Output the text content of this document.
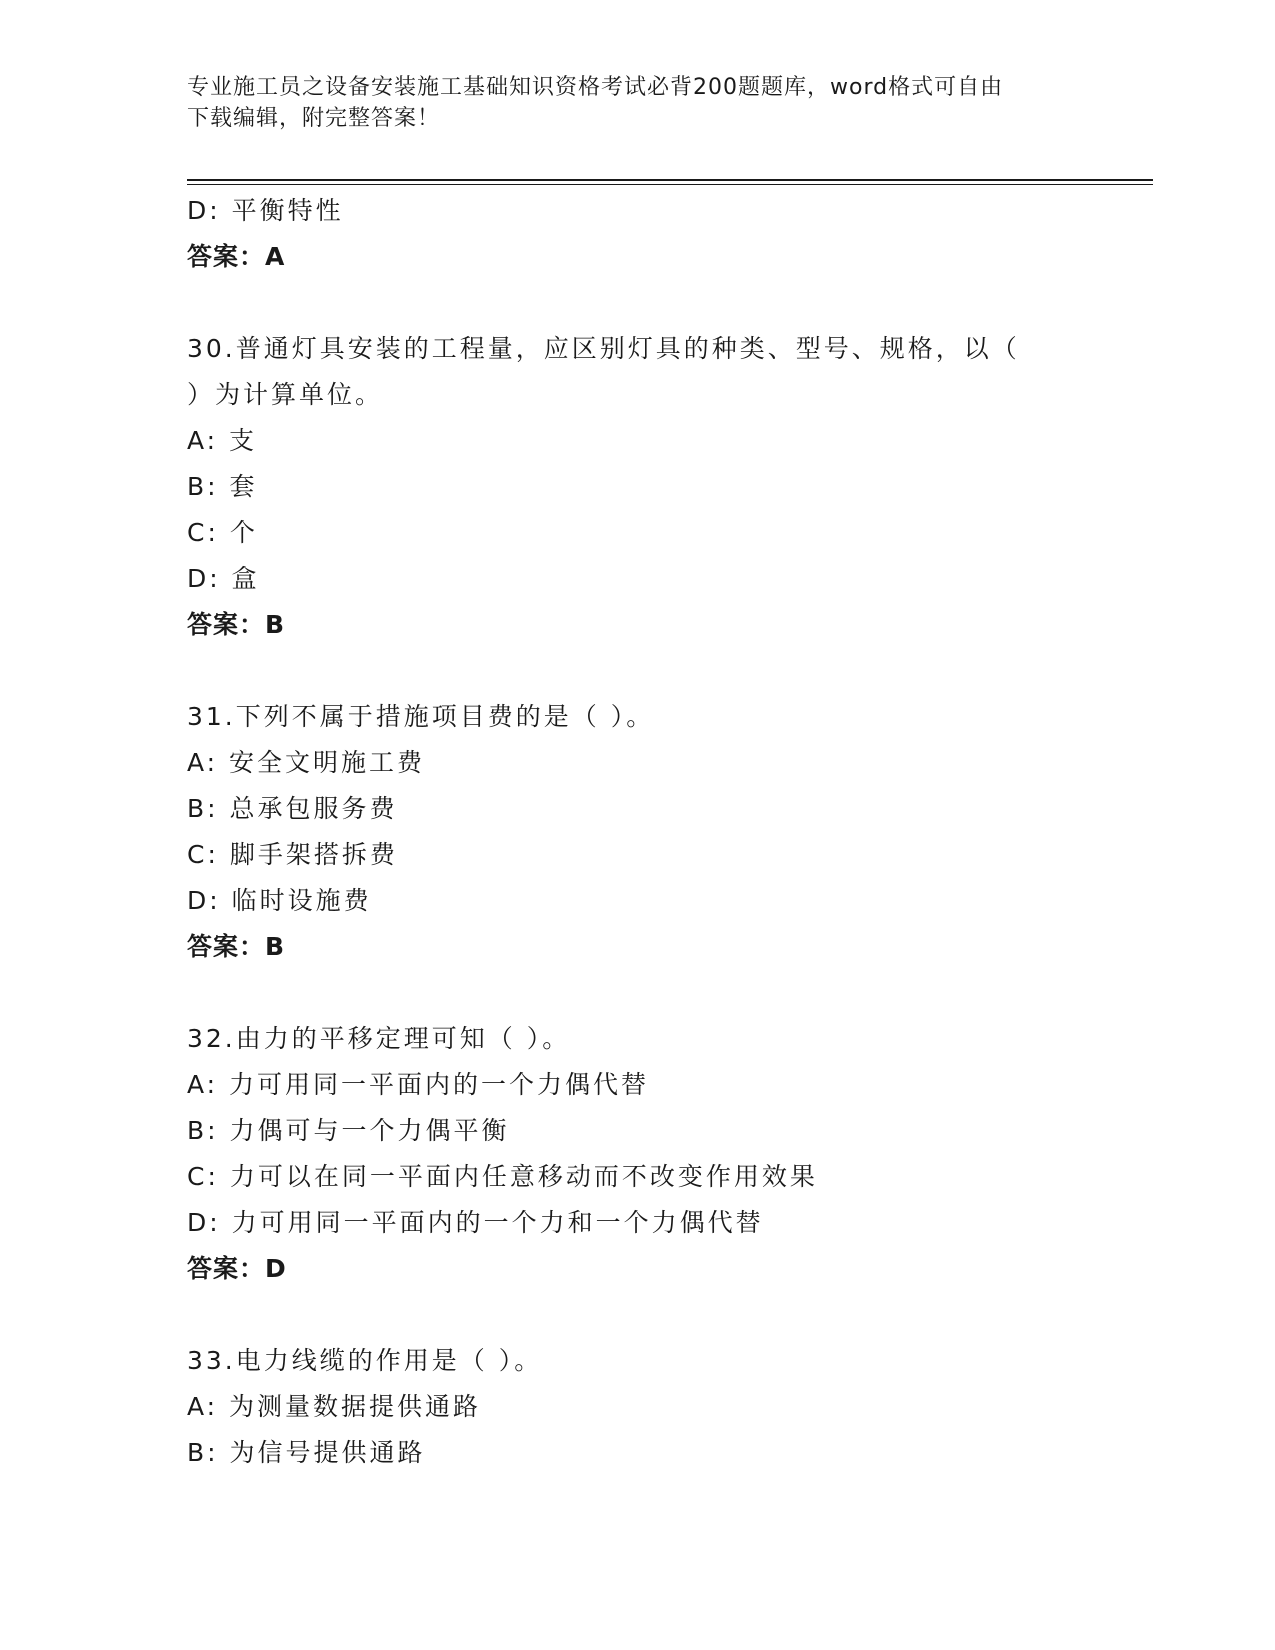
专业施工员之设备安装施工基础知识资格考试必背200题题库，word格式可自由
下载编辑，附完整答案！
D: 平衡特性
答案：A
30.普通灯具安装的工程量，应区别灯具的种类、型号、规格，以（
）为计算单位。
A: 支
B: 套
C: 个
D: 盒
答案：B
31.下列不属于措施项目费的是（ ）。
A: 安全文明施工费
B: 总承包服务费
C: 脚手架搭拆费
D: 临时设施费
答案：B
32.由力的平移定理可知（ ）。
A: 力可用同一平面内的一个力偶代替
B: 力偶可与一个力偶平衡
C: 力可以在同一平面内任意移动而不改变作用效果
D: 力可用同一平面内的一个力和一个力偶代替
答案：D
33.电力线缆的作用是（ ）。
A: 为测量数据提供通路
B: 为信号提供通路
